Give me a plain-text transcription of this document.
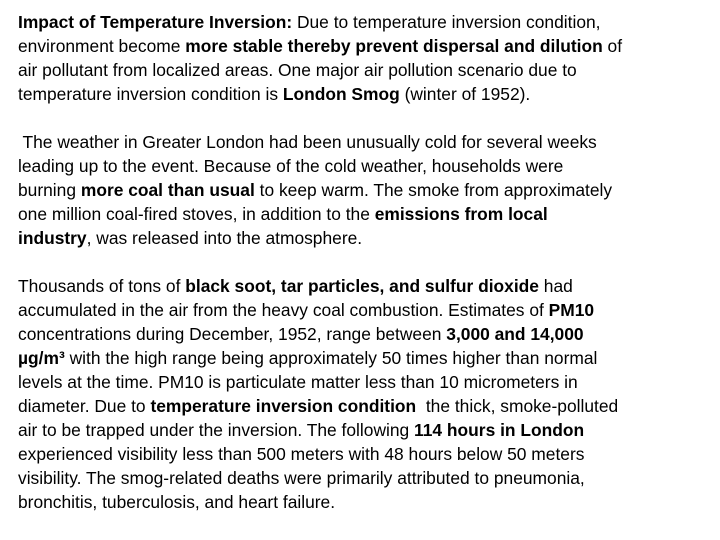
Impact of Temperature Inversion: Due to temperature inversion condition,
environment become more stable thereby prevent dispersal and dilution of
air pollutant from localized areas. One major air pollution scenario due to
temperature inversion condition is London Smog (winter of 1952).
The weather in Greater London had been unusually cold for several weeks
leading up to the event. Because of the cold weather, households were
burning more coal than usual to keep warm. The smoke from approximately
one million coal-fired stoves, in addition to the emissions from local
industry, was released into the atmosphere.
Thousands of tons of black soot, tar particles, and sulfur dioxide had
accumulated in the air from the heavy coal combustion. Estimates of PM10
concentrations during December, 1952, range between 3,000 and 14,000
µg/m³ with the high range being approximately 50 times higher than normal
levels at the time. PM10 is particulate matter less than 10 micrometers in
diameter. Due to temperature inversion condition  the thick, smoke-polluted
air to be trapped under the inversion. The following 114 hours in London
experienced visibility less than 500 meters with 48 hours below 50 meters
visibility. The smog-related deaths were primarily attributed to pneumonia,
bronchitis, tuberculosis, and heart failure.
